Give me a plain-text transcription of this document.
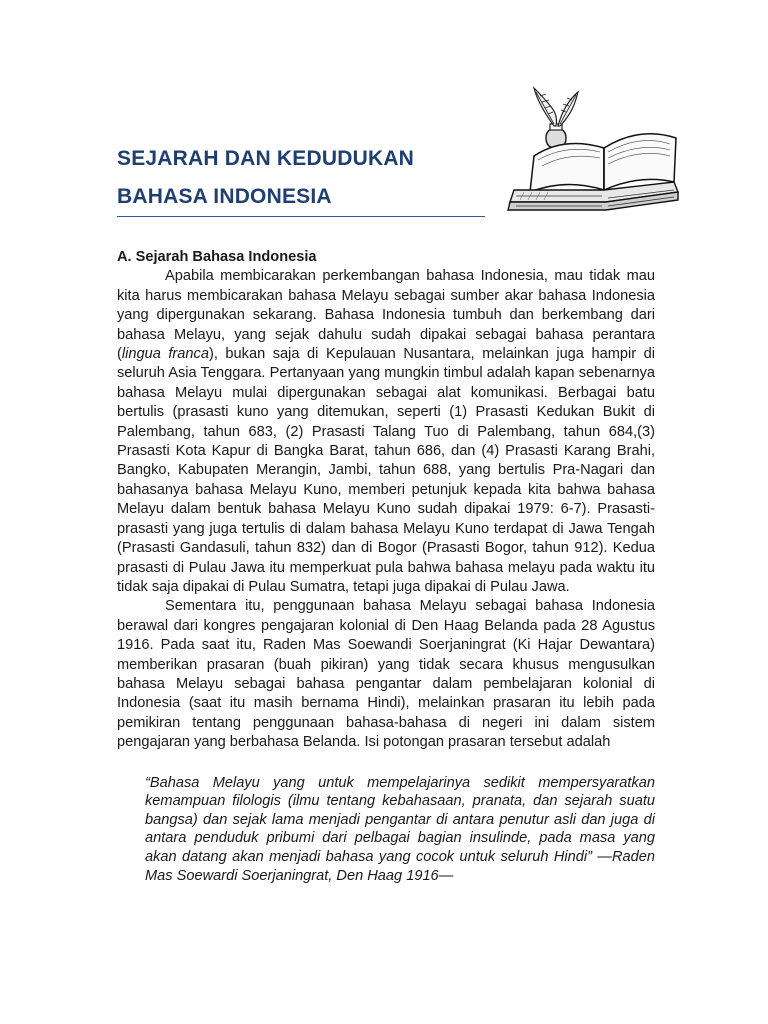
SEJARAH DAN KEDUDUKAN
BAHASA INDONESIA

A. Sejarah Bahasa Indonesia

Apabila membicarakan perkembangan bahasa Indonesia, mau tidak mau kita harus membicarakan bahasa Melayu sebagai sumber akar bahasa Indonesia yang dipergunakan sekarang. Bahasa Indonesia tumbuh dan berkembang dari bahasa Melayu, yang sejak dahulu sudah dipakai sebagai bahasa perantara (lingua franca), bukan saja di Kepulauan Nusantara, melainkan juga hampir di seluruh Asia Tenggara. Pertanyaan yang mungkin timbul adalah kapan sebenarnya bahasa Melayu mulai dipergunakan sebagai alat komunikasi. Berbagai batu bertulis (prasasti kuno yang ditemukan, seperti (1) Prasasti Kedukan Bukit di Palembang, tahun 683, (2) Prasasti Talang Tuo di Palembang, tahun 684,(3) Prasasti Kota Kapur di Bangka Barat, tahun 686, dan (4) Prasasti Karang Brahi, Bangko, Kabupaten Merangin, Jambi, tahun 688, yang bertulis Pra-Nagari dan bahasanya bahasa Melayu Kuno, memberi petunjuk kepada kita bahwa bahasa Melayu dalam bentuk bahasa Melayu Kuno sudah dipakai 1979: 6-7). Prasasti-prasasti yang juga tertulis di dalam bahasa Melayu Kuno terdapat di Jawa Tengah (Prasasti Gandasuli, tahun 832) dan di Bogor (Prasasti Bogor, tahun 912). Kedua prasasti di Pulau Jawa itu memperkuat pula bahwa bahasa melayu pada waktu itu tidak saja dipakai di Pulau Sumatra, tetapi juga dipakai di Pulau Jawa.

Sementara itu, penggunaan bahasa Melayu sebagai bahasa Indonesia berawal dari kongres pengajaran kolonial di Den Haag Belanda pada 28 Agustus 1916. Pada saat itu, Raden Mas Soewandi Soerjaningrat (Ki Hajar Dewantara) memberikan prasaran (buah pikiran) yang tidak secara khusus mengusulkan bahasa Melayu sebagai bahasa pengantar dalam pembelajaran kolonial di Indonesia (saat itu masih bernama Hindi), melainkan prasaran itu lebih pada pemikiran tentang penggunaan bahasa-bahasa di negeri ini dalam sistem pengajaran yang berbahasa Belanda. Isi potongan prasaran tersebut adalah

“Bahasa Melayu yang untuk mempelajarinya sedikit mempersyaratkan kemampuan filologis (ilmu tentang kebahasaan, pranata, dan sejarah suatu bangsa) dan sejak lama menjadi pengantar di antara penutur asli dan juga di antara penduduk pribumi dari pelbagai bagian insulinde, pada masa yang akan datang akan menjadi bahasa yang cocok untuk seluruh Hindi” —Raden Mas Soewardi Soerjaningrat, Den Haag 1916—
